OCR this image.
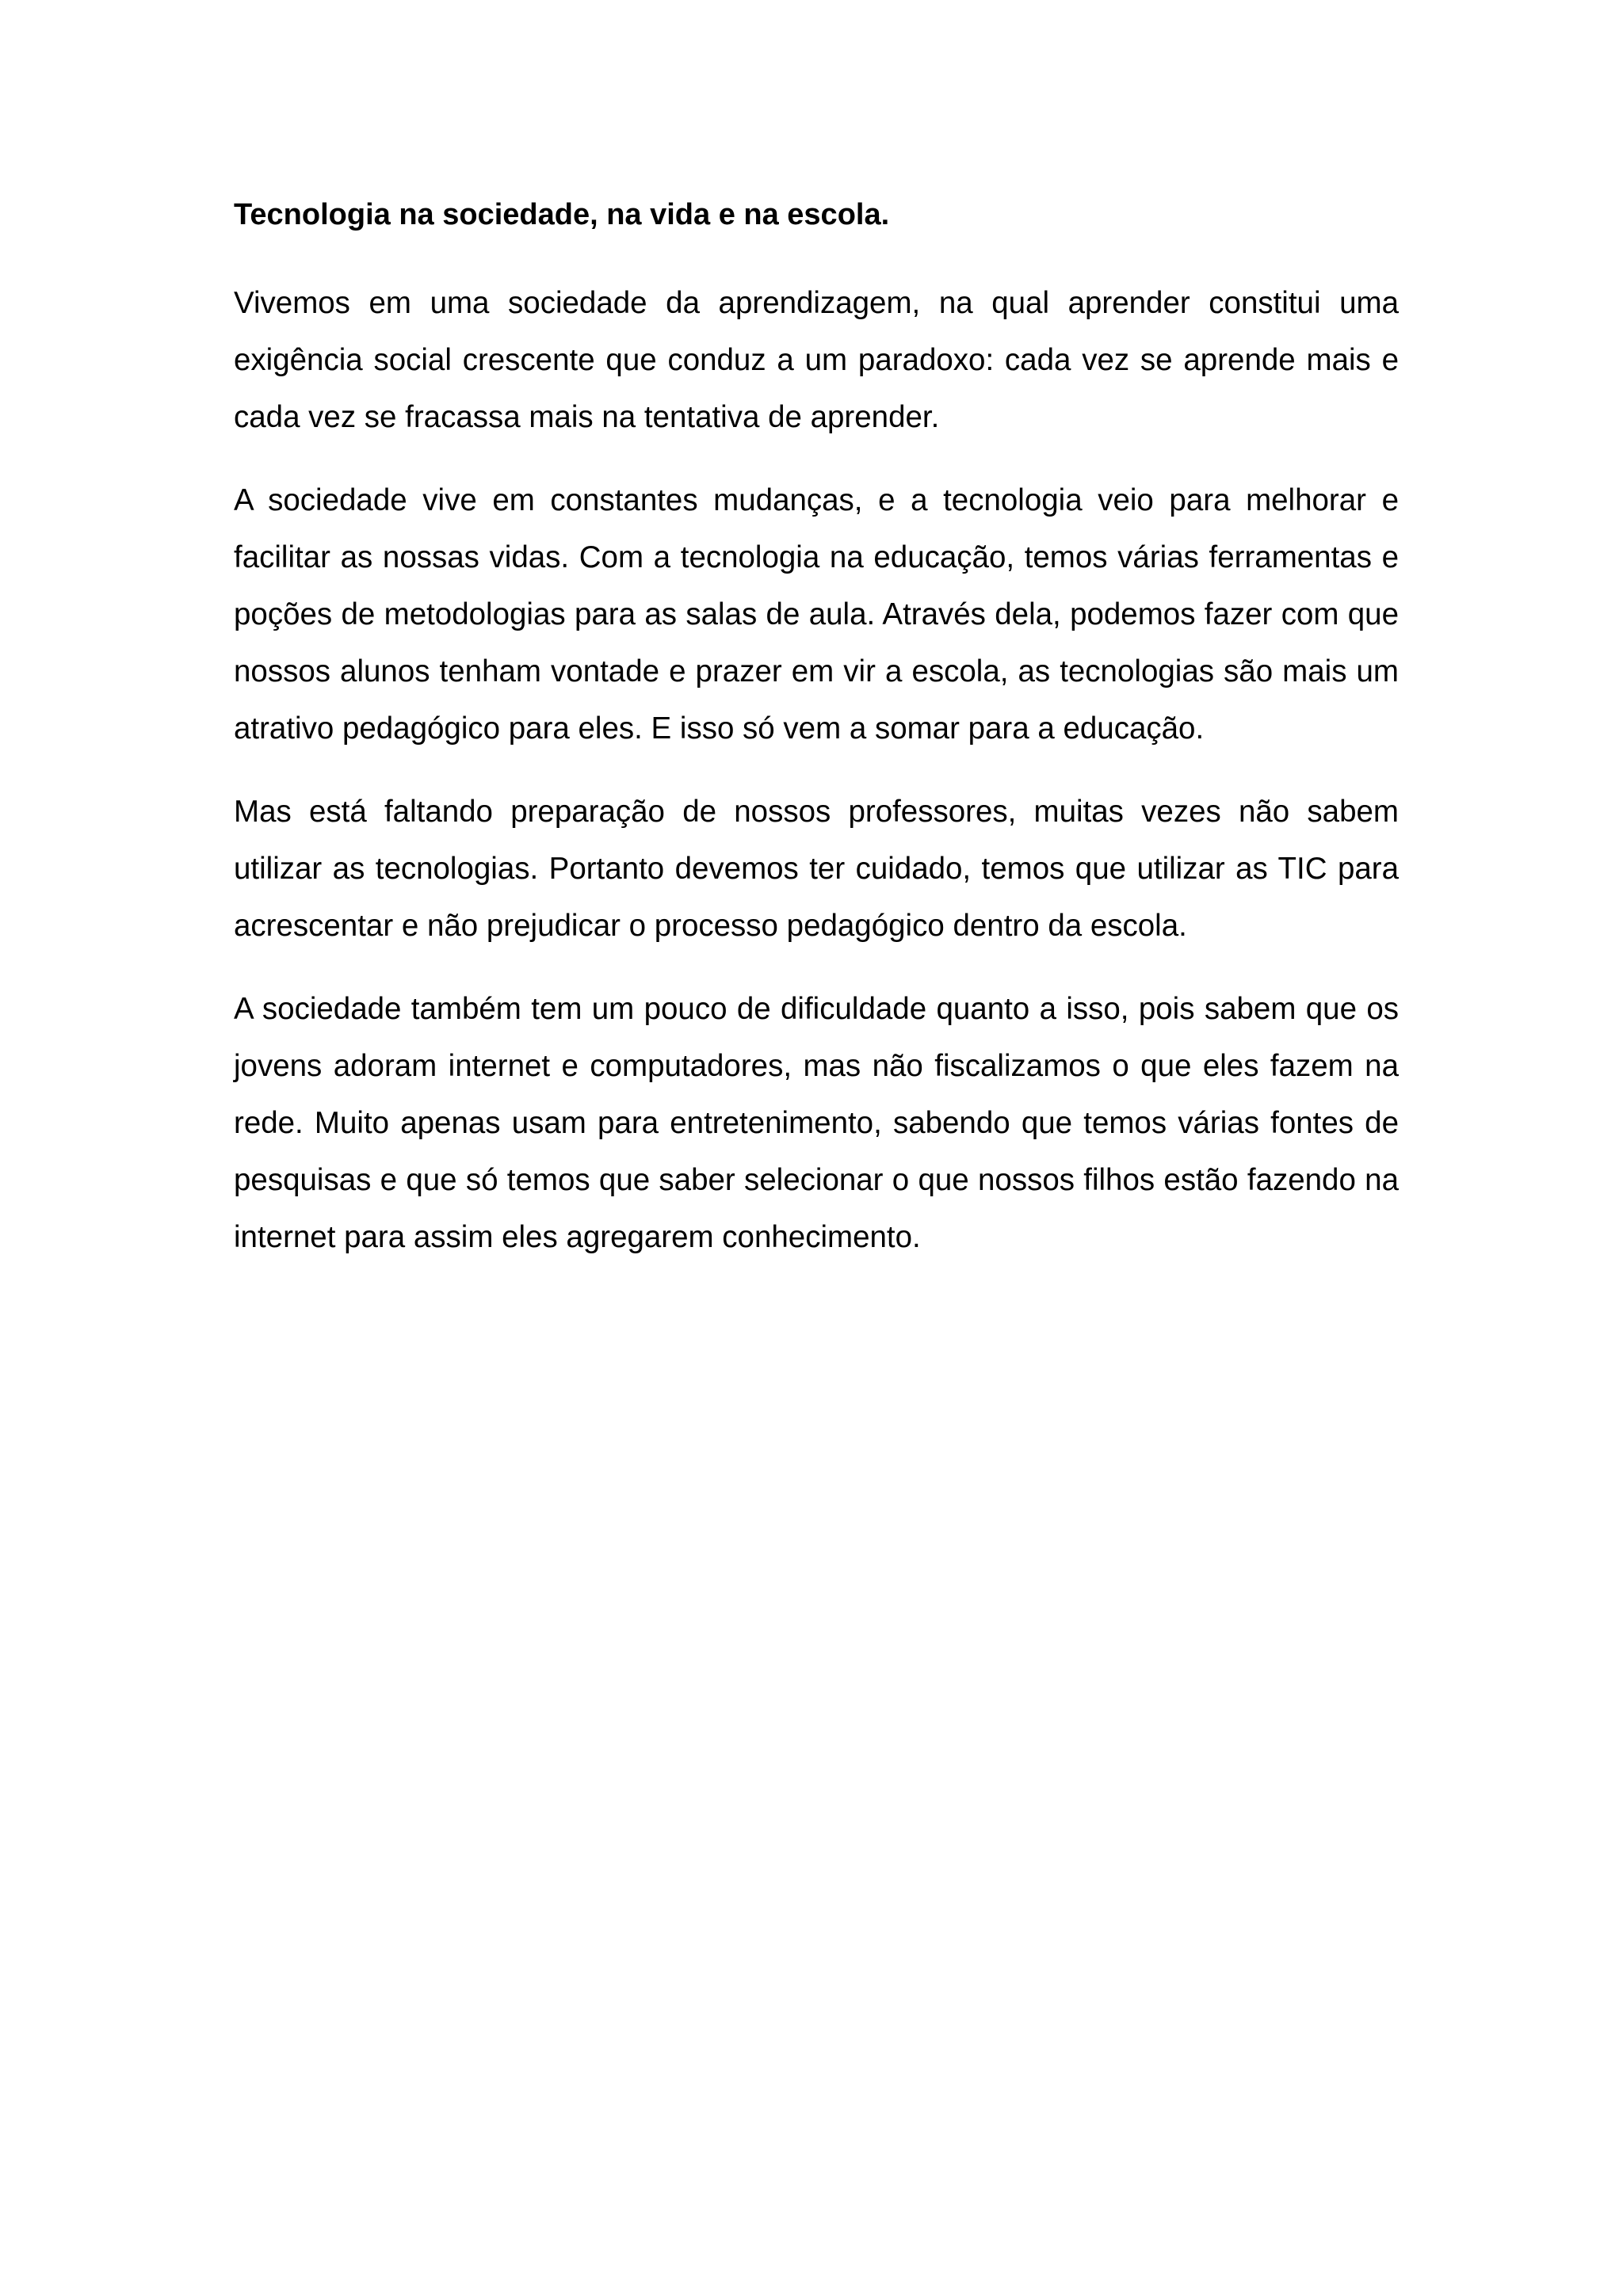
Tecnologia na sociedade, na vida e na escola.

Vivemos em uma sociedade da aprendizagem, na qual aprender constitui uma exigência social crescente que conduz a um paradoxo: cada vez se aprende mais e cada vez se fracassa mais na tentativa de aprender.

A sociedade vive em constantes mudanças, e a tecnologia veio para melhorar e facilitar as nossas vidas. Com a tecnologia na educação, temos várias ferramentas e poções de metodologias para as salas de aula. Através dela, podemos fazer com que nossos alunos tenham vontade e prazer em vir a escola, as tecnologias são mais um atrativo pedagógico para eles. E isso só vem a somar para a educação.

Mas está faltando preparação de nossos professores, muitas vezes não sabem utilizar as tecnologias. Portanto devemos ter cuidado, temos que utilizar as TIC para acrescentar e não prejudicar o processo pedagógico dentro da escola.

A sociedade também tem um pouco de dificuldade quanto a isso, pois sabem que os jovens adoram internet e computadores, mas não fiscalizamos o que eles fazem na rede. Muito apenas usam para entretenimento, sabendo que temos várias fontes de pesquisas e que só temos que saber selecionar o que nossos filhos estão fazendo na internet para assim eles agregarem conhecimento.
